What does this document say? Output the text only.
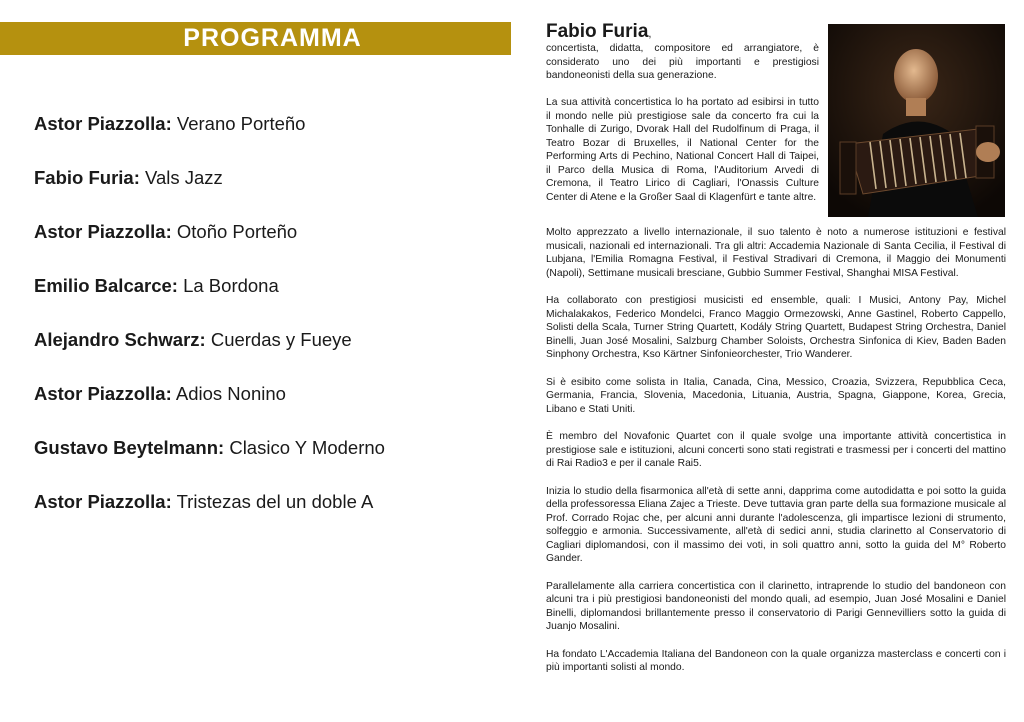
PROGRAMMA
Astor Piazzolla: Verano Porteño
Fabio Furia: Vals Jazz
Astor Piazzolla: Otoño Porteño
Emilio Balcarce: La Bordona
Alejandro Schwarz: Cuerdas y Fueye
Astor Piazzolla: Adios Nonino
Gustavo Beytelmann: Clasico Y Moderno
Astor Piazzolla: Tristezas del un doble A
Fabio Furia,

concertista, didatta, compositore ed arrangiatore, è considerato uno dei più importanti e prestigiosi bandoneonisti della sua generazione.

La sua attività concertistica lo ha portato ad esibirsi in tutto il mondo nelle più prestigiose sale da concerto fra cui la Tonhalle di Zurigo, Dvorak Hall del Rudolfinum di Praga, il Teatro Bozar di Bruxelles, il National Center for the Performing Arts di Pechino, National Concert Hall di Taipei, il Parco della Musica di Roma, l'Auditorium Arvedi di Cremona, il Teatro Lirico di Cagliari, l'Onassis Culture Center di Atene e la Großer Saal di Klagenfürt e tante altre.

Molto apprezzato a livello internazionale, il suo talento è noto a numerose istituzioni e festival musicali, nazionali ed internazionali. Tra gli altri: Accademia Nazionale di Santa Cecilia, il Festival di Lubjana, l'Emilia Romagna Festival, il Festival Stradivari di Cremona, il Maggio dei Monumenti (Napoli), Settimane musicali bresciane, Gubbio Summer Festival, Shanghai MISA Festival.

Ha collaborato con prestigiosi musicisti ed ensemble, quali: I Musici, Antony Pay, Michel Michalakakos, Federico Mondelci, Franco Maggio Ormezowski, Anne Gastinel, Roberto Cappello, Solisti della Scala, Turner String Quartett, Kodály String Quartett, Budapest String Orchestra, Daniel Binelli, Juan José Mosalini, Salzburg Chamber Soloists, Orchestra Sinfonica di Kiev, Baden Baden Sinphony Orchestra, Kso Kärtner Sinfonieorchester, Trio Wanderer.

Si è esibito come solista in Italia, Canada, Cina, Messico, Croazia, Svizzera, Repubblica Ceca, Germania, Francia, Slovenia, Macedonia, Lituania, Austria, Spagna, Giappone, Korea, Grecia, Libano e Stati Uniti.

È membro del Novafonic Quartet con il quale svolge una importante attività concertistica in prestigiose sale e istituzioni, alcuni concerti sono stati registrati e trasmessi per i concerti del mattino di Rai Radio3 e per il canale Rai5.

Inizia lo studio della fisarmonica all'età di sette anni, dapprima come autodidatta e poi sotto la guida della professoressa Eliana Zajec a Trieste. Deve tuttavia gran parte della sua formazione musicale al Prof. Corrado Rojac che, per alcuni anni durante l'adolescenza, gli impartisce lezioni di strumento, solfeggio e armonia. Successivamente, all'età di sedici anni, studia clarinetto al Conservatorio di Cagliari diplomandosi, con il massimo dei voti, in soli quattro anni, sotto la guida del M° Roberto Gander.

Parallelamente alla carriera concertistica con il clarinetto, intraprende lo studio del bandoneon con alcuni tra i più prestigiosi bandoneonisti del mondo quali, ad esempio, Juan José Mosalini e Daniel Binelli, diplomandosi brillantemente presso il conservatorio di Parigi Gennevilliers sotto la guida di Juanjo Mosalini.

Ha fondato L'Accademia Italiana del Bandoneon con la quale organizza masterclass e concerti con i più importanti solisti al mondo.
